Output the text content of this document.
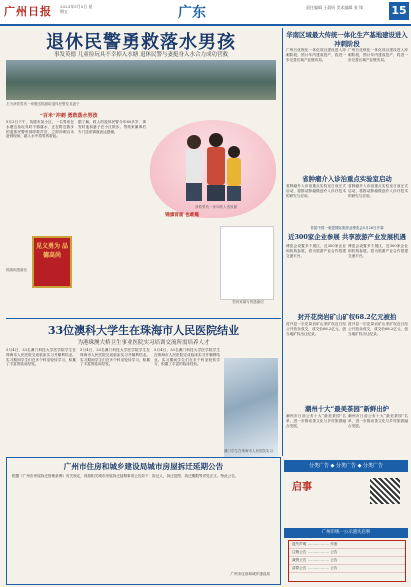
广州日报 2023年5月5日 星期五	广东	责任编辑 王晨昕 美术编辑 张 锋	15
退休民警勇救落水男孩
事发英德 儿童捡玩具不幸掉入水塘 退休民警与妻挺身入水合力成功营救
左为获救男孩一家赠送锦旗给退休民警及其妻子
“百米”冲刺 勇救落水男孩
5月3日下午，英德市某小区，一名男孩在水塘边捡玩具时不慎落水，正在附近散步的退休民警听到呼救声后，立即冲刺百米赶到现场，跳入水中将男孩救起。
据了解，救人的退休民警今年60多岁，事发时他和妻子在小区散步。男孩家属事后专门送来锦旗表达感谢。
获救男孩一家向救人者致谢
锦旗背面 也难掩
见义勇为 品德高尚
男孩家属写的感谢信
锦旗和感谢信
33位澳科大学生在珠海市人民医院结业
为港珠澳大桥卫生事业医院实习培训交流所需培养人才
5月4日，33名澳门科技大学医学院学生在珠海市人民医院完成临床实习并顺利结业。实习期间学生们在多个科室轮转学习，积累了丰富的临床经验。
5月4日，33名澳门科技大学医学院学生在珠海市人民医院完成临床实习并顺利结业。实习期间学生们在多个科室轮转学习，积累了丰富的临床经验。
5月4日，33名澳门科技大学医学院学生在珠海市人民医院完成临床实习并顺利结业。实习期间学生们在多个科室轮转学习，积累了丰富的临床经验。
澳门学生在珠海市人民医院实习
广州市住房和城乡建设局城市房屋拆迁延期公告
根据《广州市房屋拆迁管理条例》有关规定，现将相关城市房屋拆迁延期事项公告如下：拆迁人、拆迁范围、拆迁期限等详见正文。特此公告。
广州市住房和城乡建设局
华南区域最大传统一体化生产基地建设进入冲刺阶段
广州石化炼化一体化项目建设进入冲刺阶段，预计年内建成投产，将进一步完善区域产业链布局。
广州石化炼化一体化项目建设进入冲刺阶段，预计年内建成投产，将进一步完善区域产业链布局。
省肿瘤介入诊治重点实验室启动
省肿瘤介入诊治重点实验室日前正式启动，将推动肿瘤微创介入诊疗技术的研究与应用。
省肿瘤介入诊治重点实验室日前正式启动，将推动肿瘤微创介入诊疗技术的研究与应用。
首届中国一東盟国际旅游业博览会5月26日开幕
近300家企业参展 共享旅游产业发展机遇
博览会设置多个展区，近300家企业和机构参展，将为旅游产业合作搭建交流平台。
博览会设置多个展区，近300家企业和机构参展，将为旅游产业合作搭建交流平台。
封开花岗岩矿山矿权68.2亿元被拍
封开县一宗花岗岩矿山采矿权近日经公开拍卖成交，成交价68.2亿元，创当地矿权出让纪录。
封开县一宗花岗岩矿山采矿权近日经公开拍卖成交，成交价68.2亿元，创当地矿权出让纪录。
潮州十大“最美茶园”新鲜出炉
潮州市日前公布十大“最美茶园”名单，进一步推动茶文化与乡村旅游融合发展。
潮州市日前公布十大“最美茶园”名单，进一步推动茶文化与乡村旅游融合发展。
分类广告 ◆ 分类广告 ◆ 分类广告
启事
广州市统一公示遗失启事
遗失声明 ……………… 作废
注销公告 ……………… 公告
减资公告 ……………… 公告
清算公告 ……………… 公告
